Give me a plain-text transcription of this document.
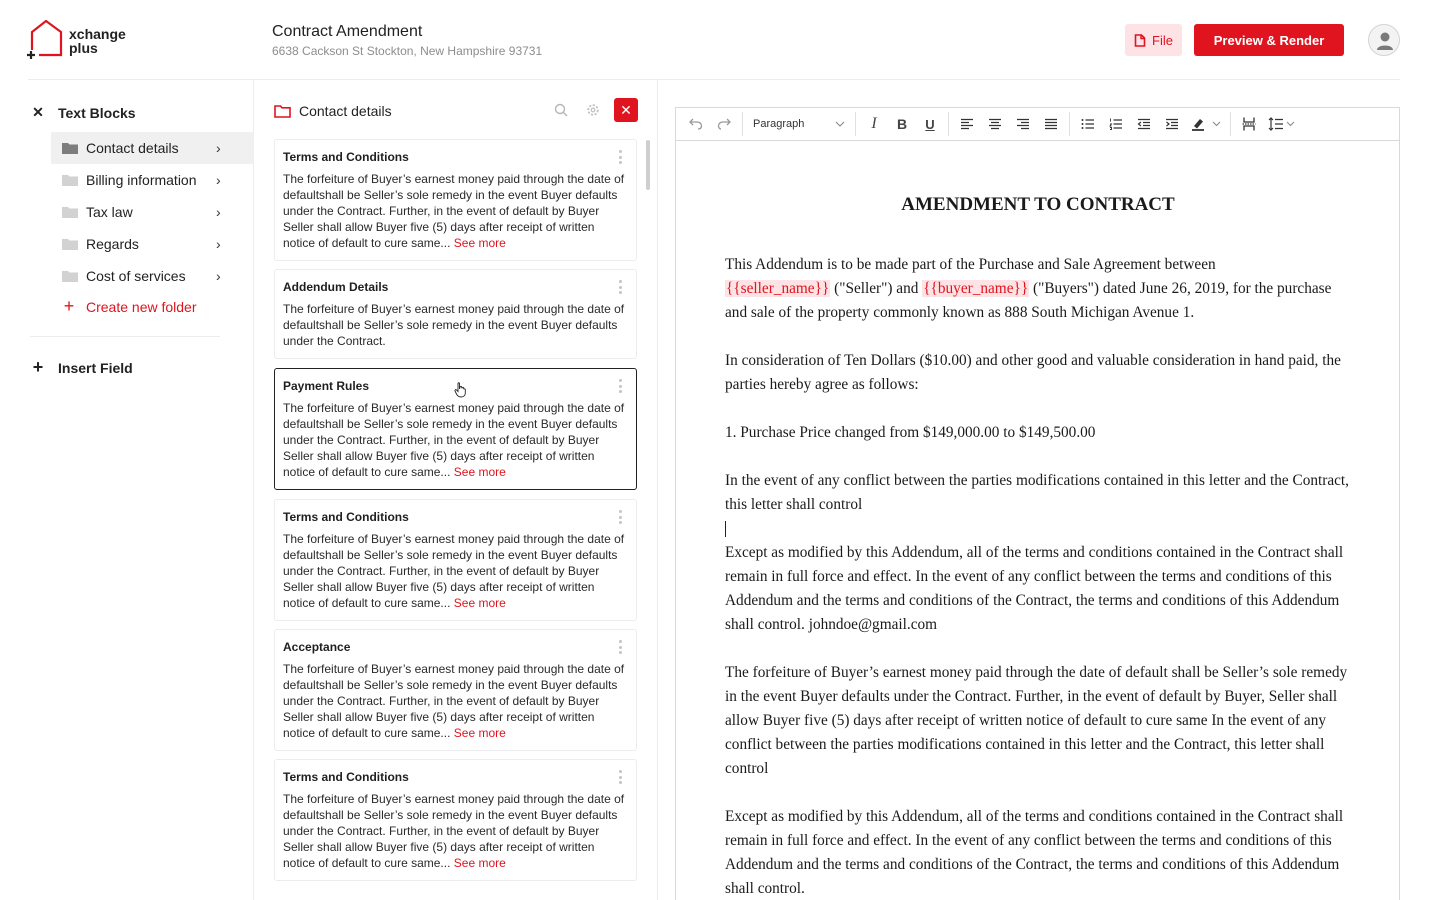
xchange
plus
Contract Amendment
6638 Cackson St Stockton, New Hampshire 93731
File	Preview & Render
✕ Text Blocks
Contact details	›
Billing information ›
Tax law	›
Regards	›
Cost of services ›
+ Create new folder
+ Insert Field
Contact details	✕
Terms and Conditions
The forfeiture of Buyer’s earnest money paid through the date of defaultshall be Seller’s sole remedy in the event Buyer defaults under the Contract. Further, in the event of default by Buyer Seller shall allow Buyer five (5) days after receipt of written notice of default to cure same... See more
Addendum Details
The forfeiture of Buyer’s earnest money paid through the date of defaultshall be Seller’s sole remedy in the event Buyer defaults under the Contract.
Payment Rules
The forfeiture of Buyer’s earnest money paid through the date of defaultshall be Seller’s sole remedy in the event Buyer defaults under the Contract. Further, in the event of default by Buyer Seller shall allow Buyer five (5) days after receipt of written notice of default to cure same... See more
Terms and Conditions
The forfeiture of Buyer’s earnest money paid through the date of defaultshall be Seller’s sole remedy in the event Buyer defaults under the Contract. Further, in the event of default by Buyer Seller shall allow Buyer five (5) days after receipt of written notice of default to cure same... See more
Acceptance
The forfeiture of Buyer’s earnest money paid through the date of defaultshall be Seller’s sole remedy in the event Buyer defaults under the Contract. Further, in the event of default by Buyer Seller shall allow Buyer five (5) days after receipt of written notice of default to cure same... See more
Terms and Conditions
The forfeiture of Buyer’s earnest money paid through the date of defaultshall be Seller’s sole remedy in the event Buyer defaults under the Contract. Further, in the event of default by Buyer Seller shall allow Buyer five (5) days after receipt of written notice of default to cure same... See more
Paragraph	I B U
AMENDMENT TO CONTRACT

This Addendum is to be made part of the Purchase and Sale Agreement between
{{seller_name}} ("Seller") and {{buyer_name}} ("Buyers") dated June 26, 2019, for the purchase and sale of the property commonly known as 888 South Michigan Avenue 1.

In consideration of Ten Dollars ($10.00) and other good and valuable consideration in hand paid, the parties hereby agree as follows:

1. Purchase Price changed from $149,000.00 to $149,500.00

In the event of any conflict between the parties modifications contained in this letter and the Contract, this letter shall control

Except as modified by this Addendum, all of the terms and conditions contained in the Contract shall remain in full force and effect. In the event of any conflict between the terms and conditions of this Addendum and the terms and conditions of the Contract, the terms and conditions of this Addendum shall control. johndoe@gmail.com

The forfeiture of Buyer’s earnest money paid through the date of default shall be Seller’s sole remedy in the event Buyer defaults under the Contract. Further, in the event of default by Buyer, Seller shall allow Buyer five (5) days after receipt of written notice of default to cure same In the event of any conflict between the parties modifications contained in this letter and the Contract, this letter shall control

Except as modified by this Addendum, all of the terms and conditions contained in the Contract shall remain in full force and effect. In the event of any conflict between the terms and conditions of this Addendum and the terms and conditions of the Contract, the terms and conditions of this Addendum shall control.
